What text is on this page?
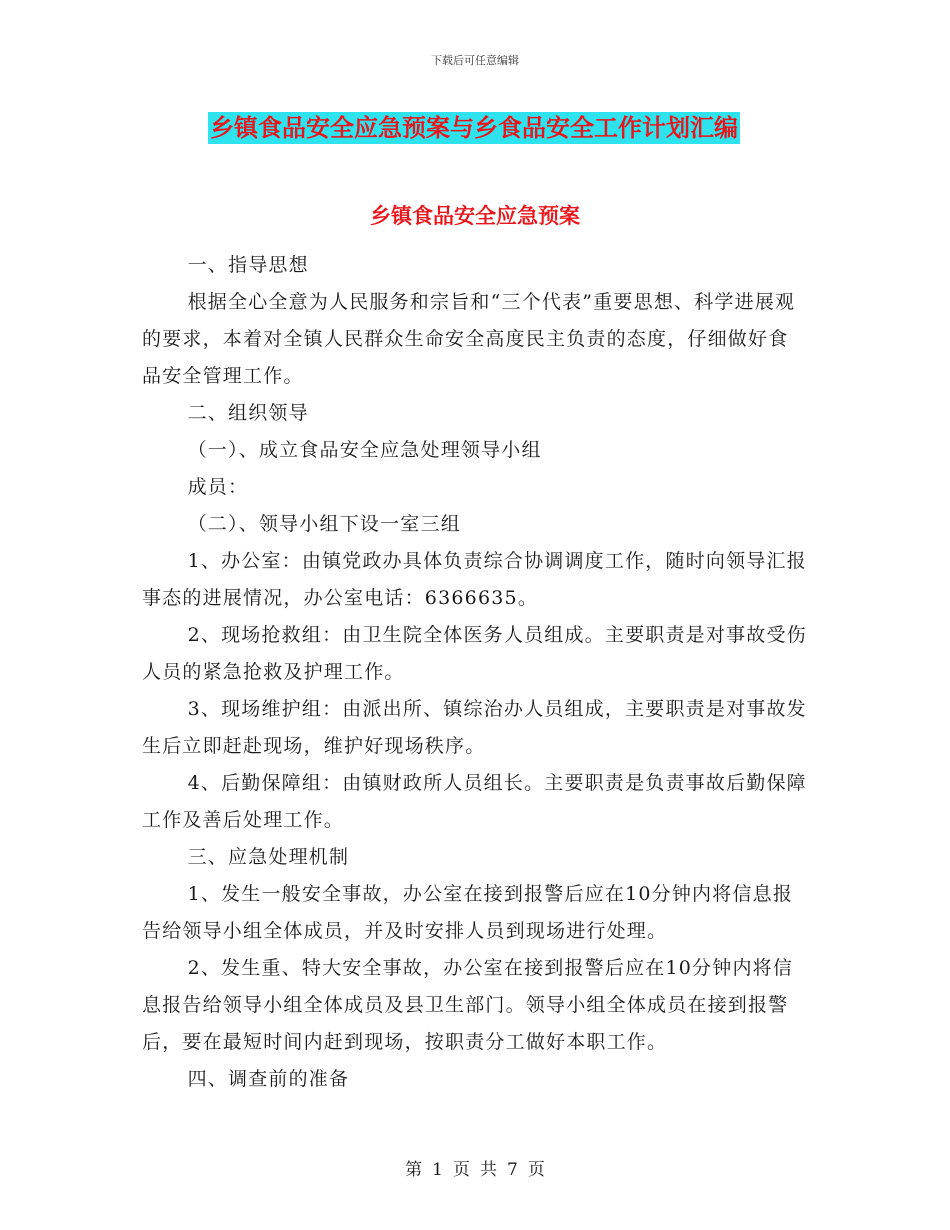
下载后可任意编辑
乡镇食品安全应急预案与乡食品安全工作计划汇编
乡镇食品安全应急预案

一、指导思想

根据全心全意为人民服务和宗旨和“三个代表”重要思想、科学进展观的要求，本着对全镇人民群众生命安全高度民主负责的态度，仔细做好食品安全管理工作。

二、组织领导

（一）、成立食品安全应急处理领导小组

成员：

（二）、领导小组下设一室三组

1、办公室：由镇党政办具体负责综合协调调度工作，随时向领导汇报事态的进展情况，办公室电话：6366635。

2、现场抢救组：由卫生院全体医务人员组成。主要职责是对事故受伤人员的紧急抢救及护理工作。

3、现场维护组：由派出所、镇综治办人员组成，主要职责是对事故发生后立即赶赴现场，维护好现场秩序。

4、后勤保障组：由镇财政所人员组长。主要职责是负责事故后勤保障工作及善后处理工作。

三、应急处理机制

1、发生一般安全事故，办公室在接到报警后应在10分钟内将信息报告给领导小组全体成员，并及时安排人员到现场进行处理。

2、发生重、特大安全事故，办公室在接到报警后应在10分钟内将信息报告给领导小组全体成员及县卫生部门。领导小组全体成员在接到报警后，要在最短时间内赶到现场，按职责分工做好本职工作。

四、调查前的准备

第 1 页 共 7 页
